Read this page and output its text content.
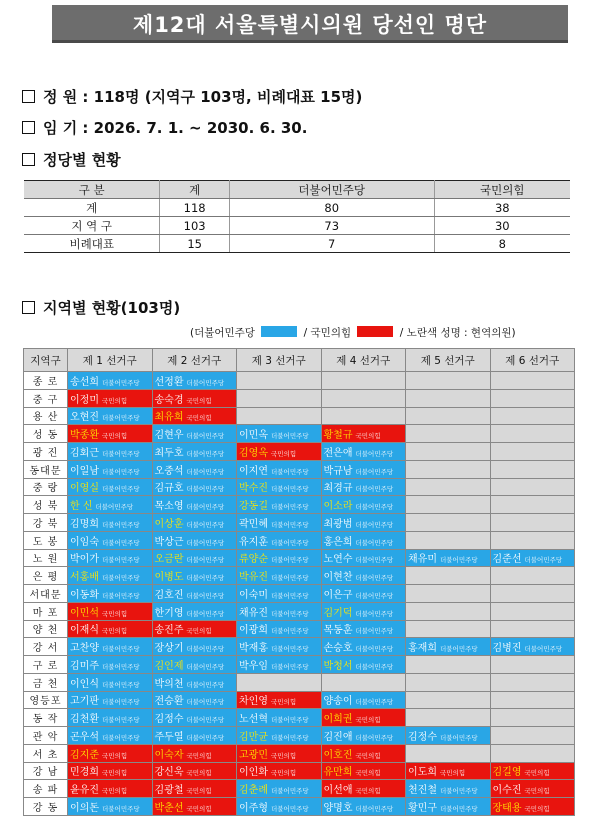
제12대 서울특별시의원 당선인 명단
정 원 : 118명 (지역구 103명, 비례대표 15명)
임 기 : 2026. 7. 1. ~ 2030. 6. 30.
정당별 현황
구 분	계	더불어민주당	국민의힘
계	118	80	38
지 역 구	103	73	30
비례대표	15	7	8
지역별 현황(103명)
(더불어민주당	/ 국민의힘	/ 노란색 성명 : 현역의원)
지역구	제 1 선거구	제 2 선거구	제 3 선거구	제 4 선거구	제 5 선거구	제 6 선거구
종 로	송선희 더불어민주당	선정환 더불어민주당				
중 구	이정미 국민의힘	송숙경 국민의힘				
용 산	오현진 더불어민주당	최유희 국민의힘				
성 동	박종환 국민의힘	김현우 더불어민주당	이민옥 더불어민주당	황철규 국민의힘		
광 진	김회근 더불어민주당	최두호 더불어민주당	김영옥 국민의힘	전은애 더불어민주당		
동대문	이일남 더불어민주당	오중석 더불어민주당	이지연 더불어민주당	박규남 더불어민주당		
중 랑	이영실 더불어민주당	김규호 더불어민주당	박수진 더불어민주당	최경규 더불어민주당		
성 북	한 신 더불어민주당	목소영 더불어민주당	강동길 더불어민주당	이소라 더불어민주당		
강 북	김명희 더불어민주당	이상훈 더불어민주당	곽민혜 더불어민주당	최광범 더불어민주당		
도 봉	이임숙 더불어민주당	박상근 더불어민주당	유지훈 더불어민주당	홍은희 더불어민주당		
노 원	박이가 더불어민주당	오금란 더불어민주당	류양순 더불어민주당	노연수 더불어민주당	채유미 더불어민주당	김준선 더불어민주당
은 평	서홍배 더불어민주당	이병도 더불어민주당	박유진 더불어민주당	이현찬 더불어민주당		
서대문	이동화 더불어민주당	김호진 더불어민주당	이숙미 더불어민주당	이은구 더불어민주당		
마 포	이민석 국민의힘	한기영 더불어민주당	채유진 더불어민주당	김기덕 더불어민주당		
양 천	이재식 국민의힘	송진주 국민의힘	이광희 더불어민주당	목동훈 더불어민주당		
강 서	고찬양 더불어민주당	장상기 더불어민주당	박재홍 더불어민주당	손승호 더불어민주당	홍재희 더불어민주당	김병진 더불어민주당
구 로	김미주 더불어민주당	김인제 더불어민주당	박우임 더불어민주당	박청서 더불어민주당		
금 천	이인식 더불어민주당	박의천 더불어민주당				
영등포	고기판 더불어민주당	전승환 더불어민주당	차인영 국민의힘	양송이 더불어민주당		
동 작	김천환 더불어민주당	김정수 더불어민주당	노선혁 더불어민주당	이희권 국민의힘		
관 악	곤우석 더불어민주당	주두열 더불어민주당	김만균 더불어민주당	김진애 더불어민주당	김정수 더불어민주당	
서 초	김지준 국민의힘	이숙자 국민의힘	고광민 국민의힘	이호진 국민의힘		
강 남	민경희 국민의힘	강신욱 국민의힘	이인화 국민의힘	유만희 국민의힘	이도희 국민의힘	김길영 국민의힘
송 파	윤유진 국민의힘	김광철 국민의힘	김춘례 더불어민주당	이선애 국민의힘	천진철 더불어민주당	이수진 국민의힘
강 동	이의돈 더불어민주당	박춘선 국민의힘	이주형 더불어민주당	양명호 더불어민주당	황민구 더불어민주당	장태용 국민의힘
